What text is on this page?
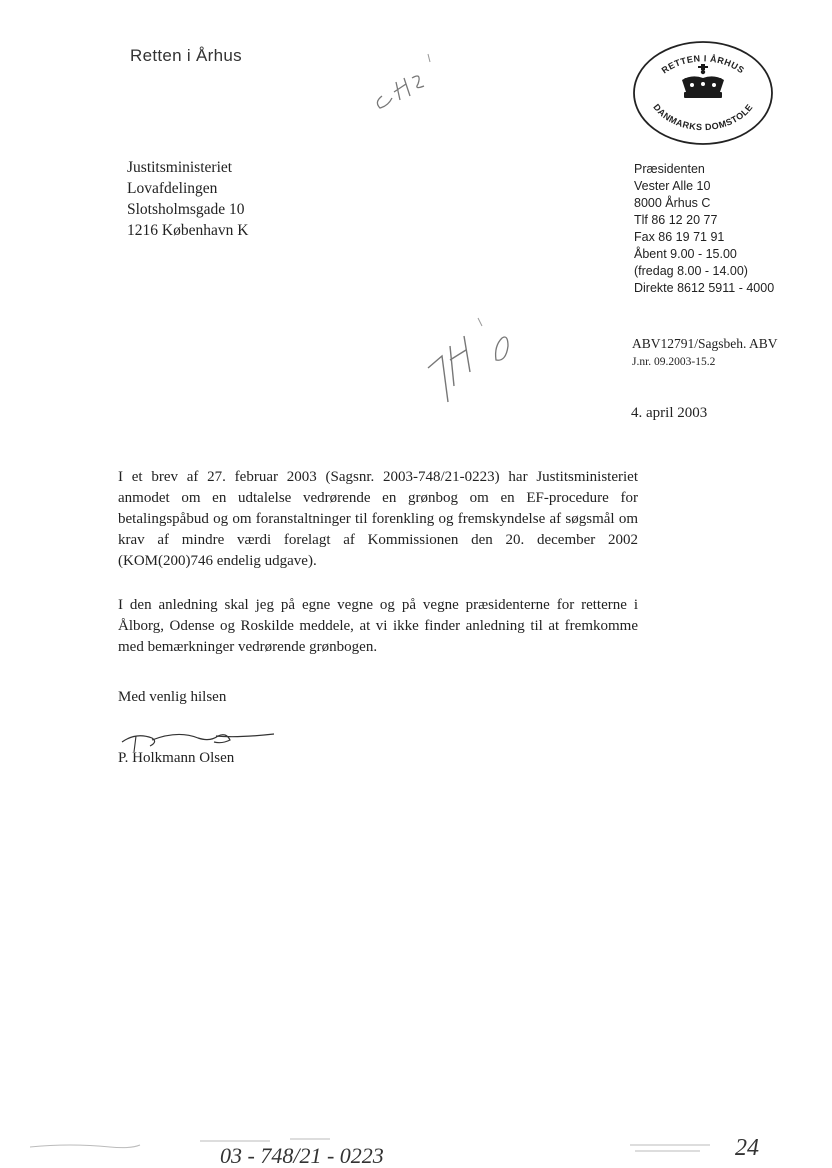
Retten i Århus
RETTEN I ÅRHUS
DANMARKS DOMSTOLE
Justitsministeriet
Lovafdelingen
Slotsholmsgade 10
1216 København K
Præsidenten
Vester Alle 10
8000 Århus C
Tlf 86 12 20 77
Fax 86 19 71 91
Åbent 9.00 - 15.00
(fredag 8.00 - 14.00)
Direkte 8612 5911 - 4000
ABV12791/Sagsbeh. ABV
J.nr. 09.2003-15.2
4. april 2003

I et brev af 27. februar 2003 (Sagsnr. 2003-748/21-0223) har Justitsministeriet anmodet om en udtalelse vedrørende en grønbog om en EF-procedure for betalingspåbud og om foranstaltninger til forenkling og fremskyndelse af søgsmål om krav af mindre værdi forelagt af Kommissionen den 20. december 2002 (KOM(200)746 endelig udgave).

I den anledning skal jeg på egne vegne og på vegne præsidenterne for retterne i Ålborg, Odense og Roskilde meddele, at vi ikke finder anledning til at fremkomme med bemærkninger vedrørende grønbogen.

Med venlig hilsen
P. Holkmann Olsen
03 - 748/21 - 0223	24
